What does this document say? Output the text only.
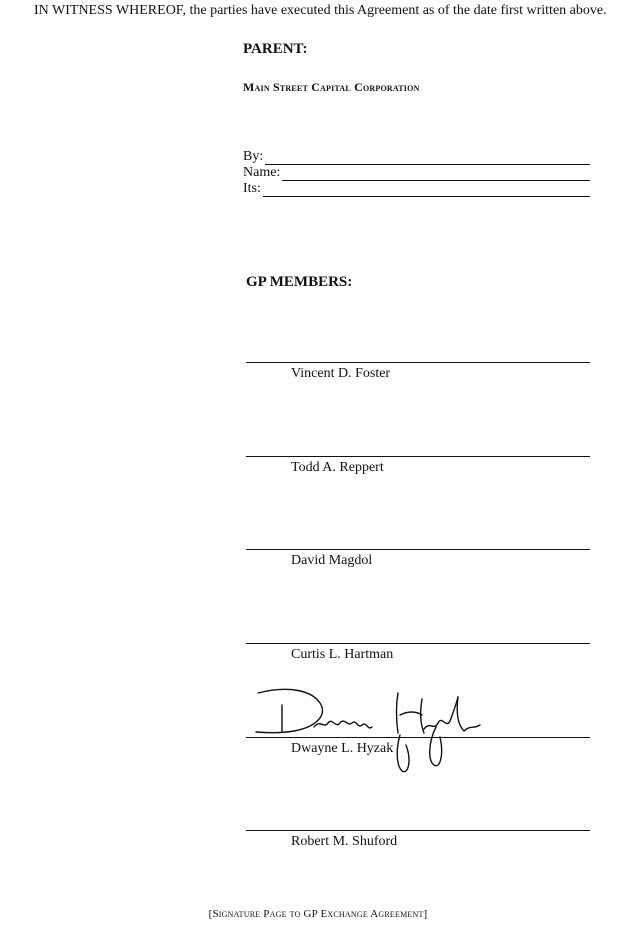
IN WITNESS WHEREOF, the parties have executed this Agreement as of the date first written above.
PARENT:
Main Street Capital Corporation
By:
Name:
Its:
GP MEMBERS:
Vincent D. Foster
Todd A. Reppert
David Magdol
Curtis L. Hartman
Dwayne L. Hyzak
Robert M. Shuford
[Signature Page to GP Exchange Agreement]
